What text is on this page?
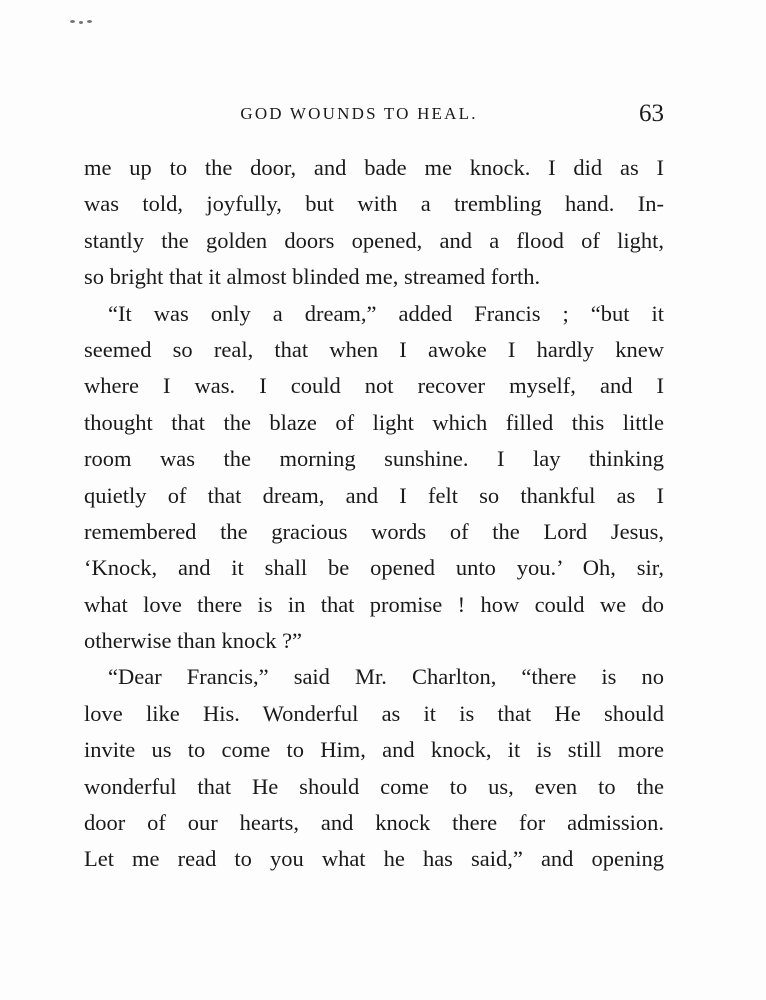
GOD WOUNDS TO HEAL.	63
me up to the door, and bade me knock. I did as I
was told, joyfully, but with a trembling hand. In-
stantly the golden doors opened, and a flood of light,
so bright that it almost blinded me, streamed forth.
“It was only a dream,” added Francis ; “but it
seemed so real, that when I awoke I hardly knew
where I was. I could not recover myself, and I
thought that the blaze of light which filled this little
room was the morning sunshine. I lay thinking
quietly of that dream, and I felt so thankful as I
remembered the gracious words of the Lord Jesus,
‘Knock, and it shall be opened unto you.’ Oh, sir,
what love there is in that promise ! how could we do
otherwise than knock ?”
“Dear Francis,” said Mr. Charlton, “there is no
love like His. Wonderful as it is that He should
invite us to come to Him, and knock, it is still more
wonderful that He should come to us, even to the
door of our hearts, and knock there for admission.
Let me read to you what he has said,” and opening
